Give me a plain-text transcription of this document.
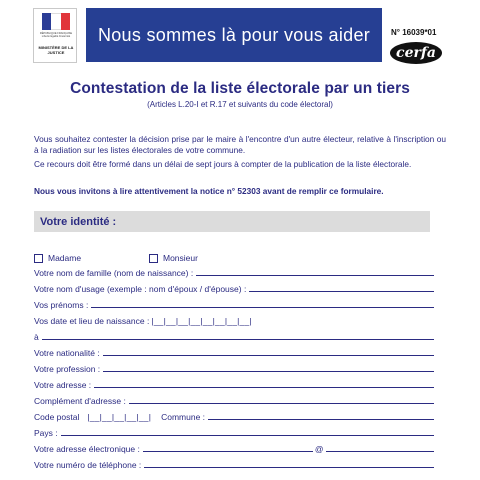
RÉPUBLIQUE FRANÇAISE Liberté Égalité Fraternité
MINISTÈRE DE LA JUSTICE
Nous sommes là pour vous aider	N° 16039*01
cerfa
Contestation de la liste électorale par un tiers
(Articles L.20-I et R.17 et suivants du code électoral)
Vous souhaitez contester la décision prise par le maire à l'encontre d'un autre électeur, relative à l'inscription ou à la radiation sur les listes électorales de votre commune.
Ce recours doit être formé dans un délai de sept jours à compter de la publication de la liste électorale.
Nous vous invitons à lire attentivement la notice n° 52303 avant de remplir ce formulaire.
Votre identité :
Madame	Monsieur
Votre nom de famille (nom de naissance) :
Votre nom d'usage (exemple : nom d'époux / d'épouse) :
Vos prénoms :
Vos date et lieu de naissance : |__|__|__|__|__|__|__|__|
à
Votre nationalité :
Votre profession :
Votre adresse :
Complément d'adresse :
Code postal |__|__|__|__|__| Commune :
Pays :
Votre adresse électronique :	@
Votre numéro de téléphone :
